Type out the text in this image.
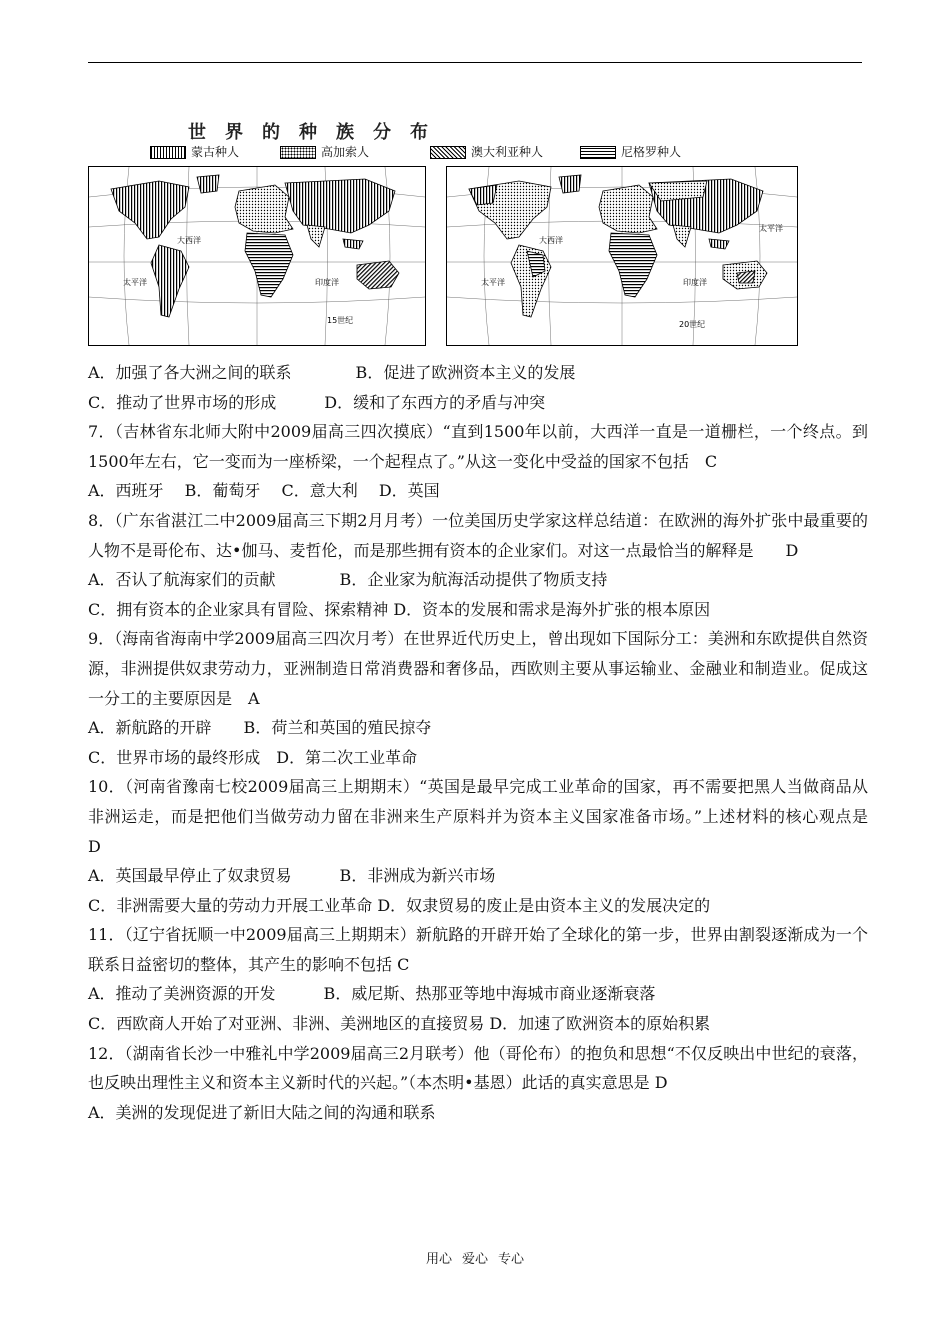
世界的种族分布
蒙古种人	高加索人	澳大利亚种人	尼格罗种人
大西洋
太平洋	印度洋
15世纪
大西洋
太平洋
太平洋
印度洋
20世纪

A．加强了各大洲之间的联系　　　　B．促进了欧洲资本主义的发展

C．推动了世界市场的形成　　　D．缓和了东西方的矛盾与冲突

7．（吉林省东北师大附中2009届高三四次摸底）“直到1500年以前，大西洋一直是一道栅栏，一个终点。到1500年左右，它一变而为一座桥梁，一个起程点了。”从这一变化中受益的国家不包括　C

A．西班牙　 B．葡萄牙　 C．意大利　 D．英国

8．（广东省湛江二中2009届高三下期2月月考）一位美国历史学家这样总结道：在欧洲的海外扩张中最重要的人物不是哥伦布、达•伽马、麦哲伦，而是那些拥有资本的企业家们。对这一点最恰当的解释是　　D

A．否认了航海家们的贡献　　　　B．企业家为航海活动提供了物质支持

C．拥有资本的企业家具有冒险、探索精神 D．资本的发展和需求是海外扩张的根本原因

9．（海南省海南中学2009届高三四次月考）在世界近代历史上，曾出现如下国际分工：美洲和东欧提供自然资源，非洲提供奴隶劳动力，亚洲制造日常消费器和奢侈品，西欧则主要从事运输业、金融业和制造业。促成这一分工的主要原因是　A

A．新航路的开辟　　B．荷兰和英国的殖民掠夺

C．世界市场的最终形成　D．第二次工业革命

10．（河南省豫南七校2009届高三上期期末）“英国是最早完成工业革命的国家，再不需要把黑人当做商品从非洲运走，而是把他们当做劳动力留在非洲来生产原料并为资本主义国家准备市场。”上述材料的核心观点是　D

A．英国最早停止了奴隶贸易　　　B．非洲成为新兴市场

C．非洲需要大量的劳动力开展工业革命 D．奴隶贸易的废止是由资本主义的发展决定的

11．（辽宁省抚顺一中2009届高三上期期末）新航路的开辟开始了全球化的第一步，世界由割裂逐渐成为一个联系日益密切的整体，其产生的影响不包括 C

A．推动了美洲资源的开发　　　B．威尼斯、热那亚等地中海城市商业逐渐衰落

C．西欧商人开始了对亚洲、非洲、美洲地区的直接贸易 D．加速了欧洲资本的原始积累

12．（湖南省长沙一中雅礼中学2009届高三2月联考）他（哥伦布）的抱负和思想“不仅反映出中世纪的衰落，也反映出理性主义和资本主义新时代的兴起。”（本杰明•基恩）此话的真实意思是 D

A．美洲的发现促进了新旧大陆之间的沟通和联系

用心 爱心 专心
